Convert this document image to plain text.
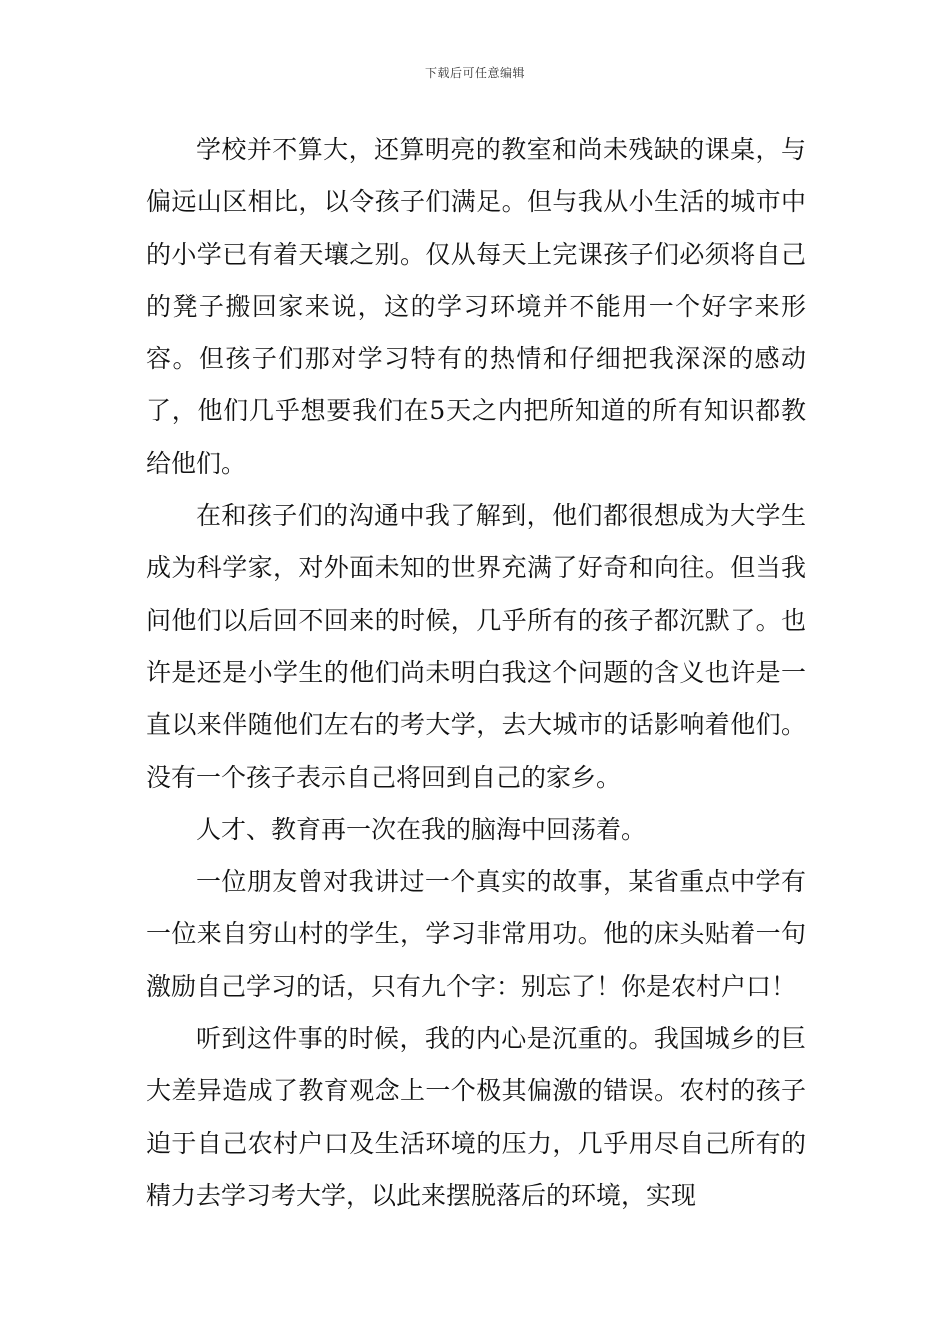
下载后可任意编辑

学校并不算大，还算明亮的教室和尚未残缺的课桌，与偏远山区相比，以令孩子们满足。但与我从小生活的城市中的小学已有着天壤之别。仅从每天上完课孩子们必须将自己的凳子搬回家来说，这的学习环境并不能用一个好字来形容。但孩子们那对学习特有的热情和仔细把我深深的感动了，他们几乎想要我们在5天之内把所知道的所有知识都教给他们。

在和孩子们的沟通中我了解到，他们都很想成为大学生成为科学家，对外面未知的世界充满了好奇和向往。但当我问他们以后回不回来的时候，几乎所有的孩子都沉默了。也许是还是小学生的他们尚未明白我这个问题的含义也许是一直以来伴随他们左右的考大学，去大城市的话影响着他们。没有一个孩子表示自己将回到自己的家乡。

人才、教育再一次在我的脑海中回荡着。

一位朋友曾对我讲过一个真实的故事，某省重点中学有一位来自穷山村的学生，学习非常用功。他的床头贴着一句激励自己学习的话，只有九个字：别忘了！你是农村户口！

听到这件事的时候，我的内心是沉重的。我国城乡的巨大差异造成了教育观念上一个极其偏激的错误。农村的孩子迫于自己农村户口及生活环境的压力，几乎用尽自己所有的精力去学习考大学，以此来摆脱落后的环境，实现
